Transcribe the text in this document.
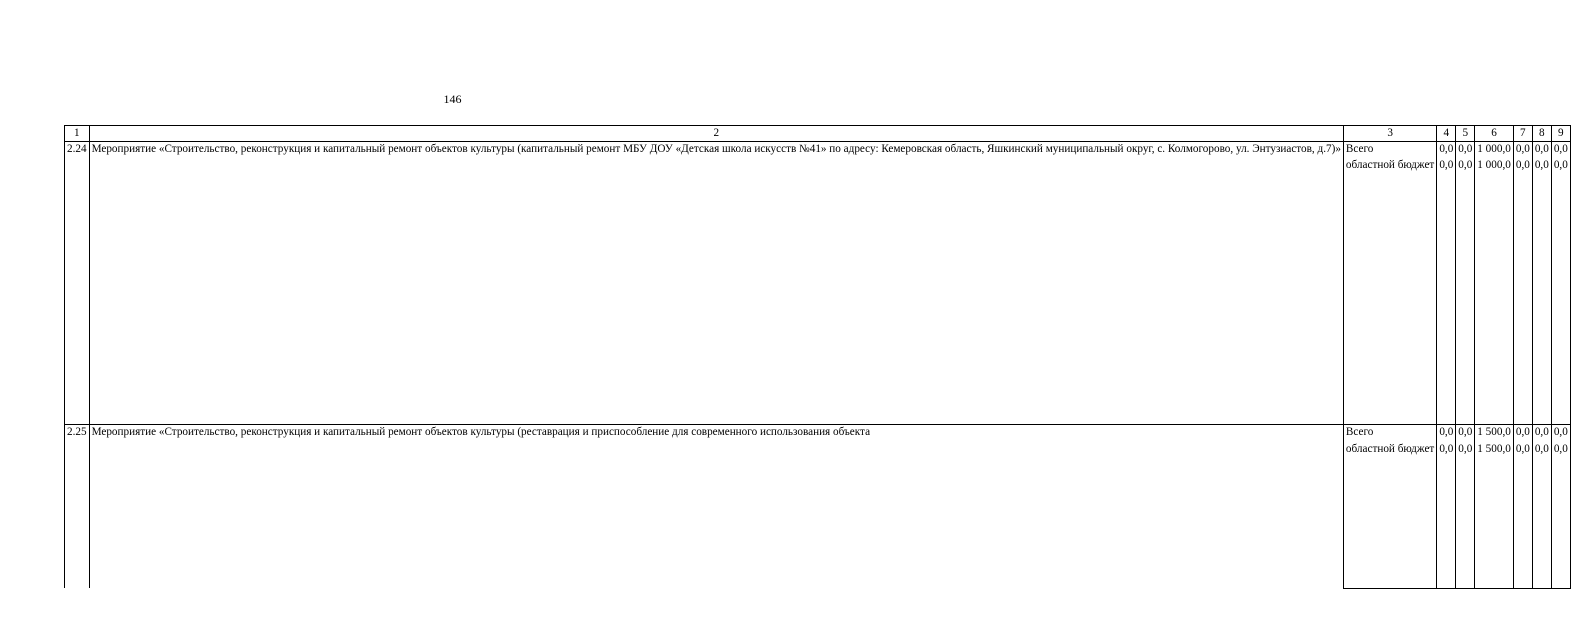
146
1	2	3	4	5	6	7	8	9
2.24	Мероприятие «Строительство, реконструкция и капитальный ремонт объектов культуры (капитальный ремонт МБУ ДОУ «Детская школа искусств №41» по адресу: Кемеровская область, Яшкинский муниципальный округ, с. Колмогорово, ул. Энтузиастов, д.7)»	Всего	0,0	0,0	1 000,0	0,0	0,0	0,0
		областной бюджет	0,0	0,0	1 000,0	0,0	0,0	0,0
2.25	Мероприятие «Строительство, реконструкция и капитальный ремонт объектов культуры (реставрация и приспособление для современного использования объекта	Всего	0,0	0,0	1 500,0	0,0	0,0	0,0
		областной бюджет	0,0	0,0	1 500,0	0,0	0,0	0,0
